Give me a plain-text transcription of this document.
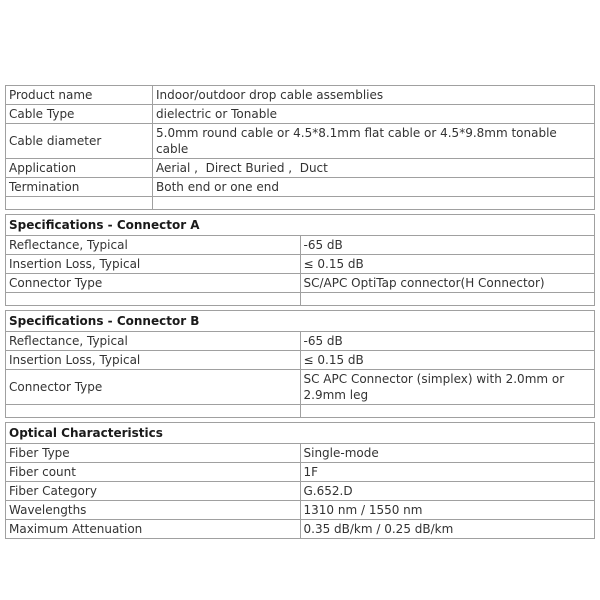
Product name	Indoor/outdoor drop cable assemblies
Cable Type	dielectric or Tonable
Cable diameter	5.0mm round cable or 4.5*8.1mm flat cable or 4.5*9.8mm tonable cable
Application	Aerial ,  Direct Buried ,  Duct
Termination	Both end or one end

Specifications - Connector A	
Reflectance, Typical	-65 dB
Insertion Loss, Typical	≤ 0.15 dB
Connector Type	SC/APC OptiTap connector(H Connector)

Specifications - Connector B	
Reflectance, Typical	-65 dB
Insertion Loss, Typical	≤ 0.15 dB
Connector Type	SC APC Connector (simplex) with 2.0mm or 2.9mm leg

Optical Characteristics	
Fiber Type	Single-mode
Fiber count	1F
Fiber Category	G.652.D
Wavelengths	1310 nm / 1550 nm
Maximum Attenuation	0.35 dB/km / 0.25 dB/km
